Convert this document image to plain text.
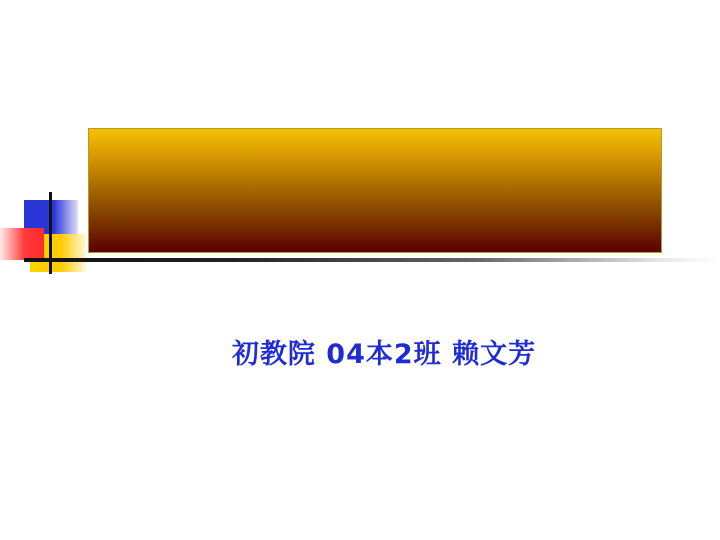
初教院 04本2班 赖文芳
